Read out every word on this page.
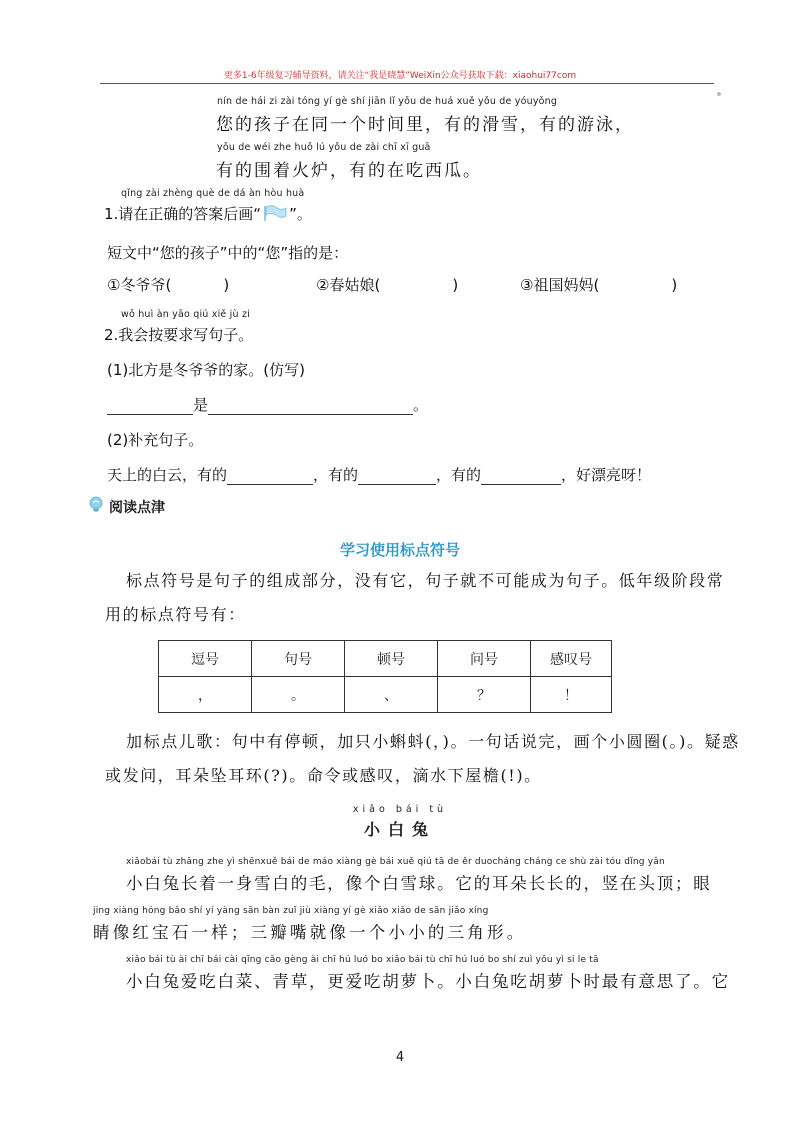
更多1-6年级复习辅导资料，请关注“我是晓慧”WeiXin公众号获取下载：xiaohui77com
nín de hái zi zài tóng yí gè shí jiān lǐ yǒu de huá xuě yǒu de yóuyǒng
您的孩子在同一个时间里，有的滑雪，有的游泳，
yǒu de wéi zhe huǒ lú yǒu de zài chī xī guā
有的围着火炉，有的在吃西瓜。
qǐng zài zhèng què de dá àn hòu huà
1.请在正确的答案后画“ ”。
短文中“您的孩子”中的“您”指的是：
①冬爷爷(	)	②春姑娘(	)	③祖国妈妈(	)
wǒ huì àn yāo qiú xiě jù zi
2.我会按要求写句子。
(1)北方是冬爷爷的家。(仿写)
是	。
(2)补充句子。
天上的白云，有的	，有的	，有的	，好漂亮呀！
阅读点津
学习使用标点符号
标点符号是句子的组成部分，没有它，句子就不可能成为句子。低年级阶段常
用的标点符号有：
逗号	句号	顿号	问号	感叹号
，	。	、	？	！
加标点儿歌：句中有停顿，加只小蝌蚪(，)。一句话说完，画个小圆圈(。)。疑惑
或发问，耳朵坠耳环(?)。命令或感叹，滴水下屋檐(!)。
xiǎo bái tù
小白兔
xiǎobái tù zhǎng zhe yì shēnxuě bái de máo xiàng gè bái xuě qiú tā de ěr duocháng cháng ce shù zài tóu dǐng yǎn
小白兔长着一身雪白的毛，像个白雪球。它的耳朵长长的，竖在头顶；眼
jing xiàng hóng bǎo shí yí yàng sān bàn zuǐ jiù xiàng yí gè xiǎo xiǎo de sān jiǎo xíng
睛像红宝石一样；三瓣嘴就像一个小小的三角形。
xiǎo bái tù ài chī bái cài qīng cǎo gèng ài chī hú luó bo xiǎo bái tù chī hú luó bo shí zuì yǒu yì si le tā
小白兔爱吃白菜、青草，更爱吃胡萝卜。小白兔吃胡萝卜时最有意思了。它
4
